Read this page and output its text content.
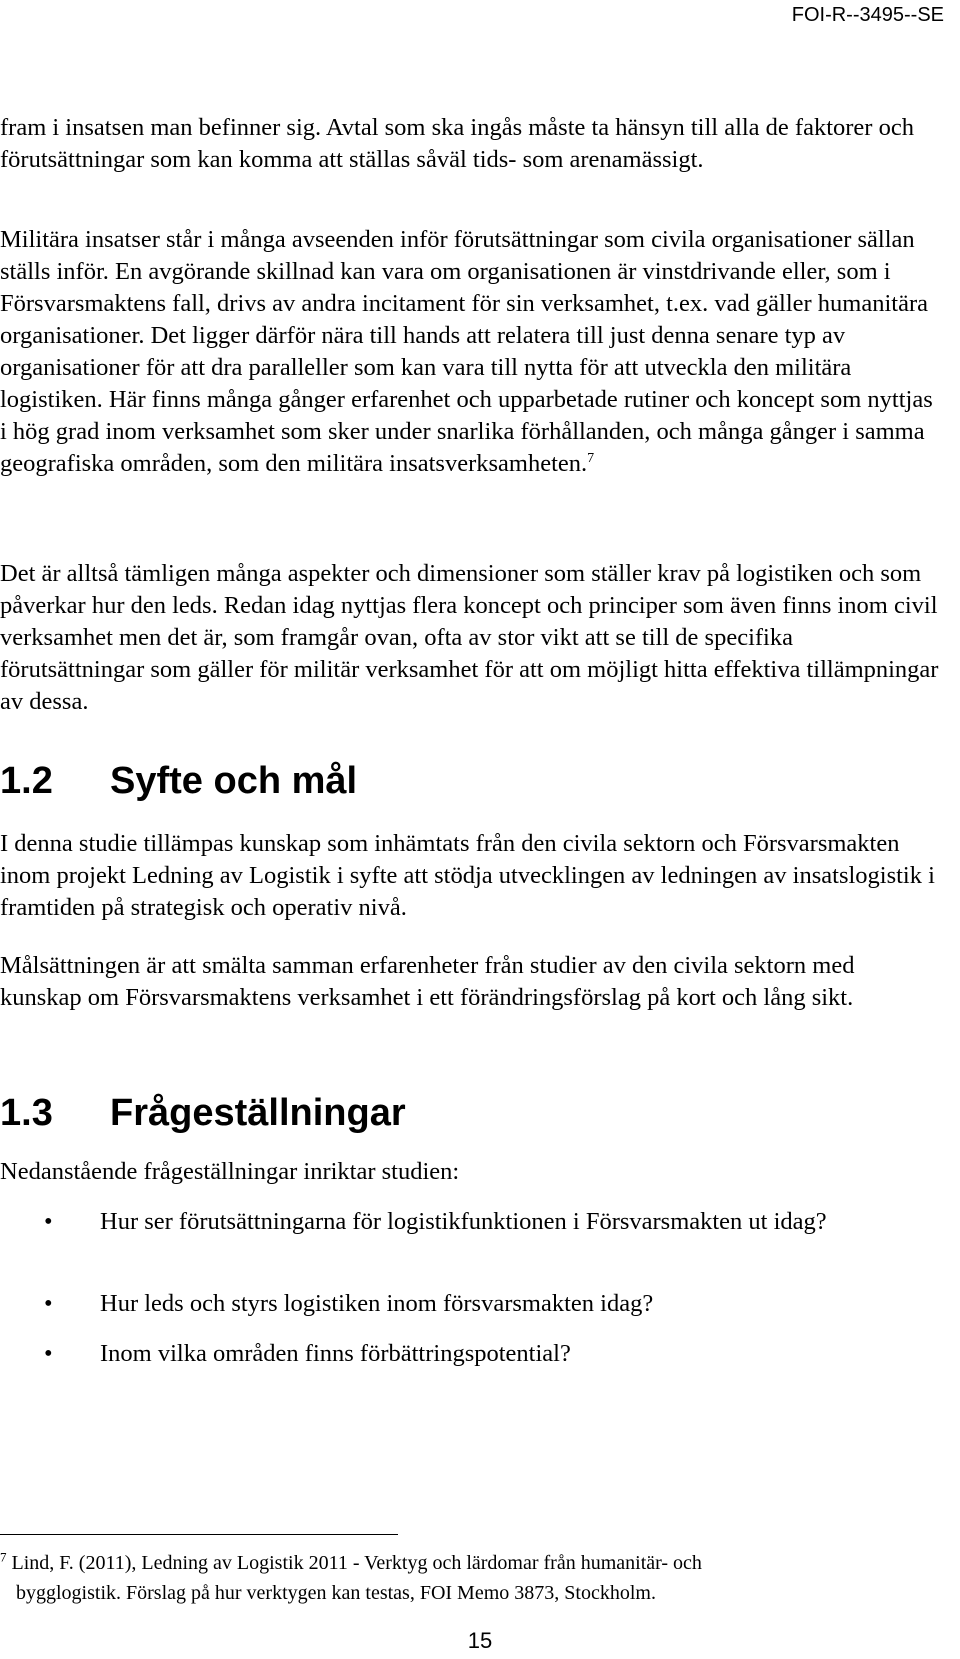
FOI-R--3495--SE

fram i insatsen man befinner sig. Avtal som ska ingås måste ta hänsyn till alla de faktorer och förutsättningar som kan komma att ställas såväl tids- som arenamässigt.

Militära insatser står i många avseenden inför förutsättningar som civila organisationer sällan ställs inför. En avgörande skillnad kan vara om organisationen är vinstdrivande eller, som i Försvarsmaktens fall, drivs av andra incitament för sin verksamhet, t.ex. vad gäller humanitära organisationer. Det ligger därför nära till hands att relatera till just denna senare typ av organisationer för att dra paralleller som kan vara till nytta för att utveckla den militära logistiken. Här finns många gånger erfarenhet och upparbetade rutiner och koncept som nyttjas i hög grad inom verksamhet som sker under snarlika förhållanden, och många gånger i samma geografiska områden, som den militära insatsverksamheten.$^7$

Det är alltså tämligen många aspekter och dimensioner som ställer krav på logistiken och som påverkar hur den leds. Redan idag nyttjas flera koncept och principer som även finns inom civil verksamhet men det är, som framgår ovan, ofta av stor vikt att se till de specifika förutsättningar som gäller för militär verksamhet för att om möjligt hitta effektiva tillämpningar av dessa.

1.2 Syfte och mål

I denna studie tillämpas kunskap som inhämtats från den civila sektorn och Försvarsmakten inom projekt Ledning av Logistik i syfte att stödja utvecklingen av ledningen av insatslogistik i framtiden på strategisk och operativ nivå.

Målsättningen är att smälta samman erfarenheter från studier av den civila sektorn med kunskap om Försvarsmaktens verksamhet i ett förändringsförslag på kort och lång sikt.

1.3 Frågeställningar

Nedanstående frågeställningar inriktar studien:

• Hur ser förutsättningarna för logistikfunktionen i Försvarsmakten ut idag?
• Hur leds och styrs logistiken inom försvarsmakten idag?
• Inom vilka områden finns förbättringspotential?

$^7$ Lind, F. (2011), Ledning av Logistik 2011 - Verktyg och lärdomar från humanitär- och
bygglogistik. Förslag på hur verktygen kan testas, FOI Memo 3873, Stockholm.

15
